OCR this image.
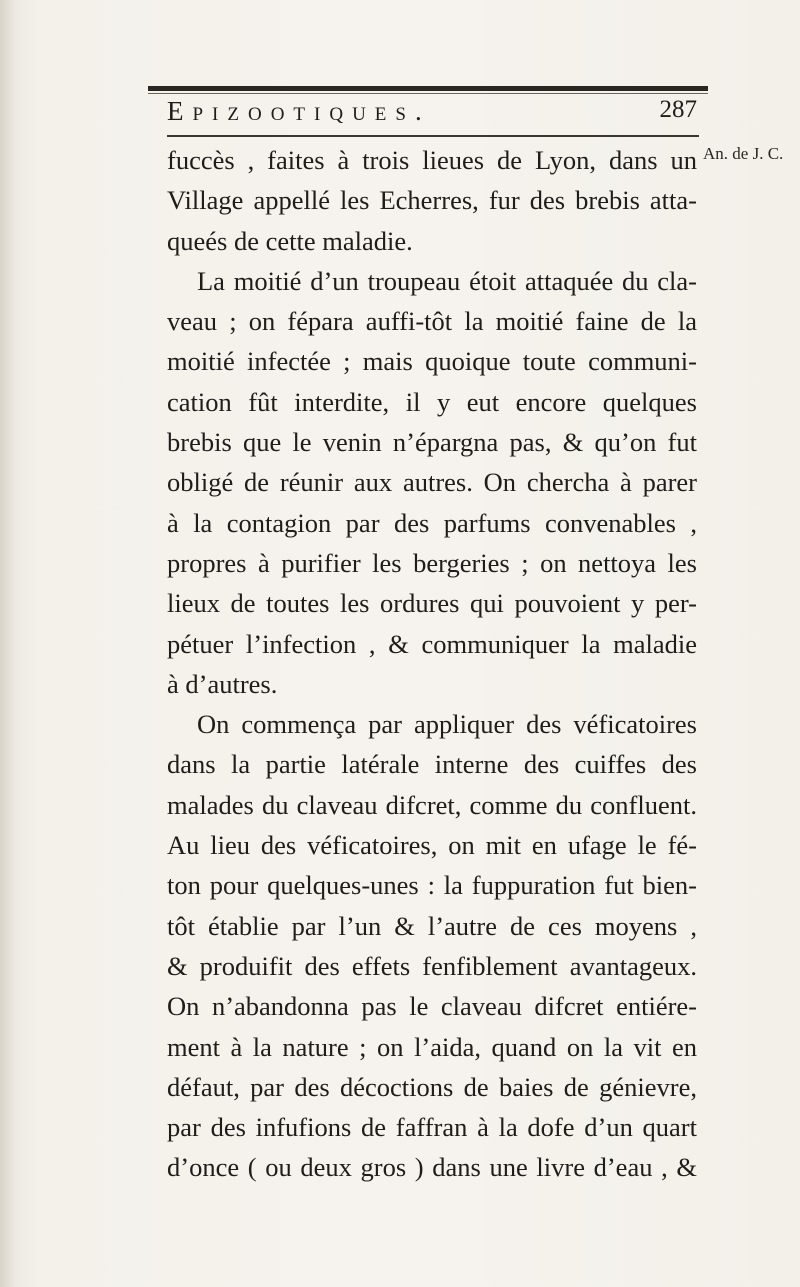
Epizootiques.	287
An. de J. C.
fuccès , faites à trois lieues de Lyon, dans un
Village appellé les Echerres, fur des brebis atta-
queés de cette maladie.
La moitié d’un troupeau étoit attaquée du cla-
veau ; on fépara auffi-tôt la moitié faine de la
moitié infectée ; mais quoique toute communi-
cation fût interdite, il y eut encore quelques
brebis que le venin n’épargna pas, & qu’on fut
obligé de réunir aux autres. On chercha à parer
à la contagion par des parfums convenables ,
propres à purifier les bergeries ; on nettoya les
lieux de toutes les ordures qui pouvoient y per-
pétuer l’infection , & communiquer la maladie
à d’autres.
On commença par appliquer des véficatoires
dans la partie latérale interne des cuiffes des
malades du claveau difcret, comme du confluent.
Au lieu des véficatoires, on mit en ufage le fé-
ton pour quelques-unes : la fuppuration fut bien-
tôt établie par l’un & l’autre de ces moyens ,
& produifit des effets fenfiblement avantageux.
On n’abandonna pas le claveau difcret entiére-
ment à la nature ; on l’aida, quand on la vit en
défaut, par des décoctions de baies de génievre,
par des infufions de faffran à la dofe d’un quart
d’once ( ou deux gros ) dans une livre d’eau , &
